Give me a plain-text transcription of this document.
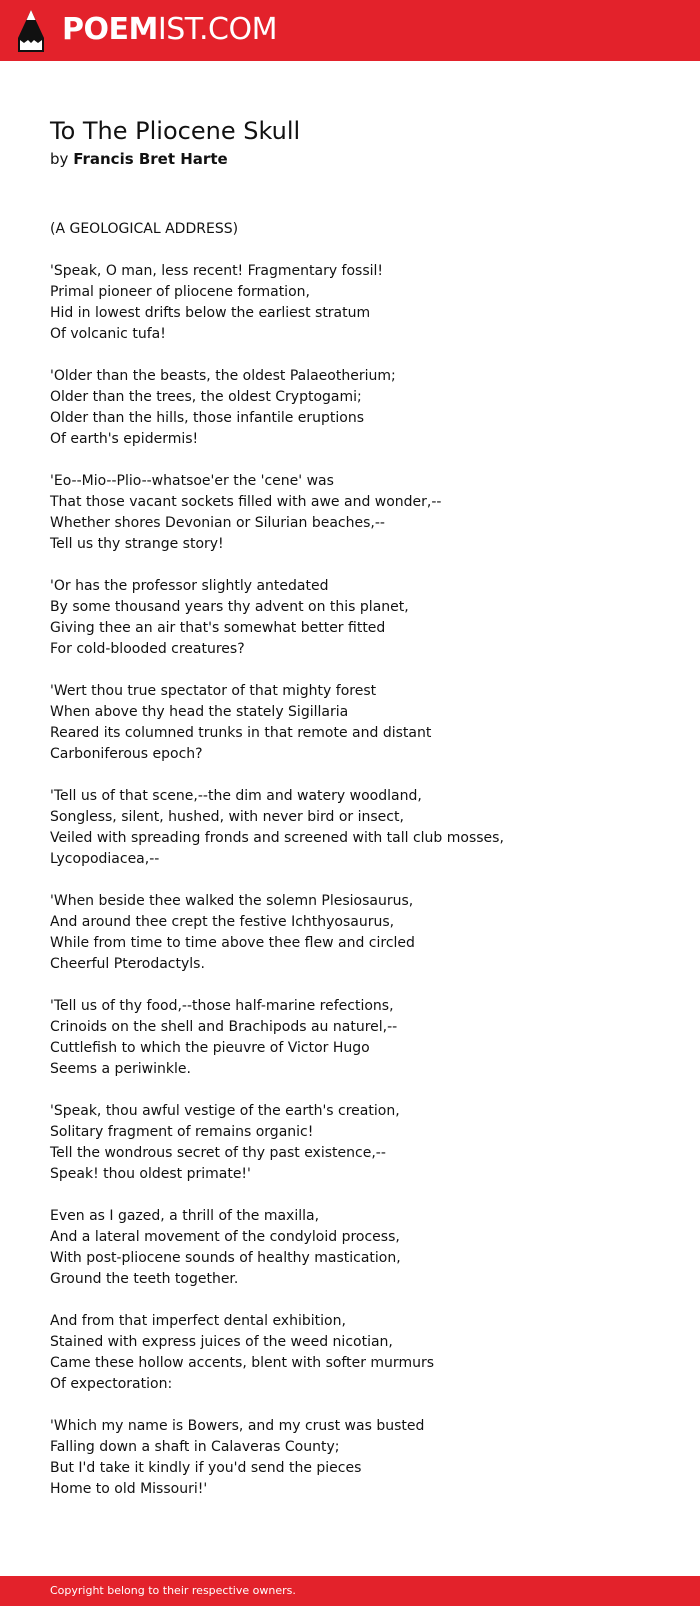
POEMIST.COM
To The Pliocene Skull
by Francis Bret Harte
(A GEOLOGICAL ADDRESS)
'Speak, O man, less recent! Fragmentary fossil!
Primal pioneer of pliocene formation,
Hid in lowest drifts below the earliest stratum
Of volcanic tufa!
'Older than the beasts, the oldest Palaeotherium;
Older than the trees, the oldest Cryptogami;
Older than the hills, those infantile eruptions
Of earth's epidermis!
'Eo--Mio--Plio--whatsoe'er the 'cene' was
That those vacant sockets filled with awe and wonder,--
Whether shores Devonian or Silurian beaches,--
Tell us thy strange story!
'Or has the professor slightly antedated
By some thousand years thy advent on this planet,
Giving thee an air that's somewhat better fitted
For cold-blooded creatures?
'Wert thou true spectator of that mighty forest
When above thy head the stately Sigillaria
Reared its columned trunks in that remote and distant
Carboniferous epoch?
'Tell us of that scene,--the dim and watery woodland,
Songless, silent, hushed, with never bird or insect,
Veiled with spreading fronds and screened with tall club mosses,
Lycopodiacea,--
'When beside thee walked the solemn Plesiosaurus,
And around thee crept the festive Ichthyosaurus,
While from time to time above thee flew and circled
Cheerful Pterodactyls.
'Tell us of thy food,--those half-marine refections,
Crinoids on the shell and Brachipods au naturel,--
Cuttlefish to which the pieuvre of Victor Hugo
Seems a periwinkle.
'Speak, thou awful vestige of the earth's creation,
Solitary fragment of remains organic!
Tell the wondrous secret of thy past existence,--
Speak! thou oldest primate!'
Even as I gazed, a thrill of the maxilla,
And a lateral movement of the condyloid process,
With post-pliocene sounds of healthy mastication,
Ground the teeth together.
And from that imperfect dental exhibition,
Stained with express juices of the weed nicotian,
Came these hollow accents, blent with softer murmurs
Of expectoration:
'Which my name is Bowers, and my crust was busted
Falling down a shaft in Calaveras County;
But I'd take it kindly if you'd send the pieces
Home to old Missouri!'
Copyright belong to their respective owners.
